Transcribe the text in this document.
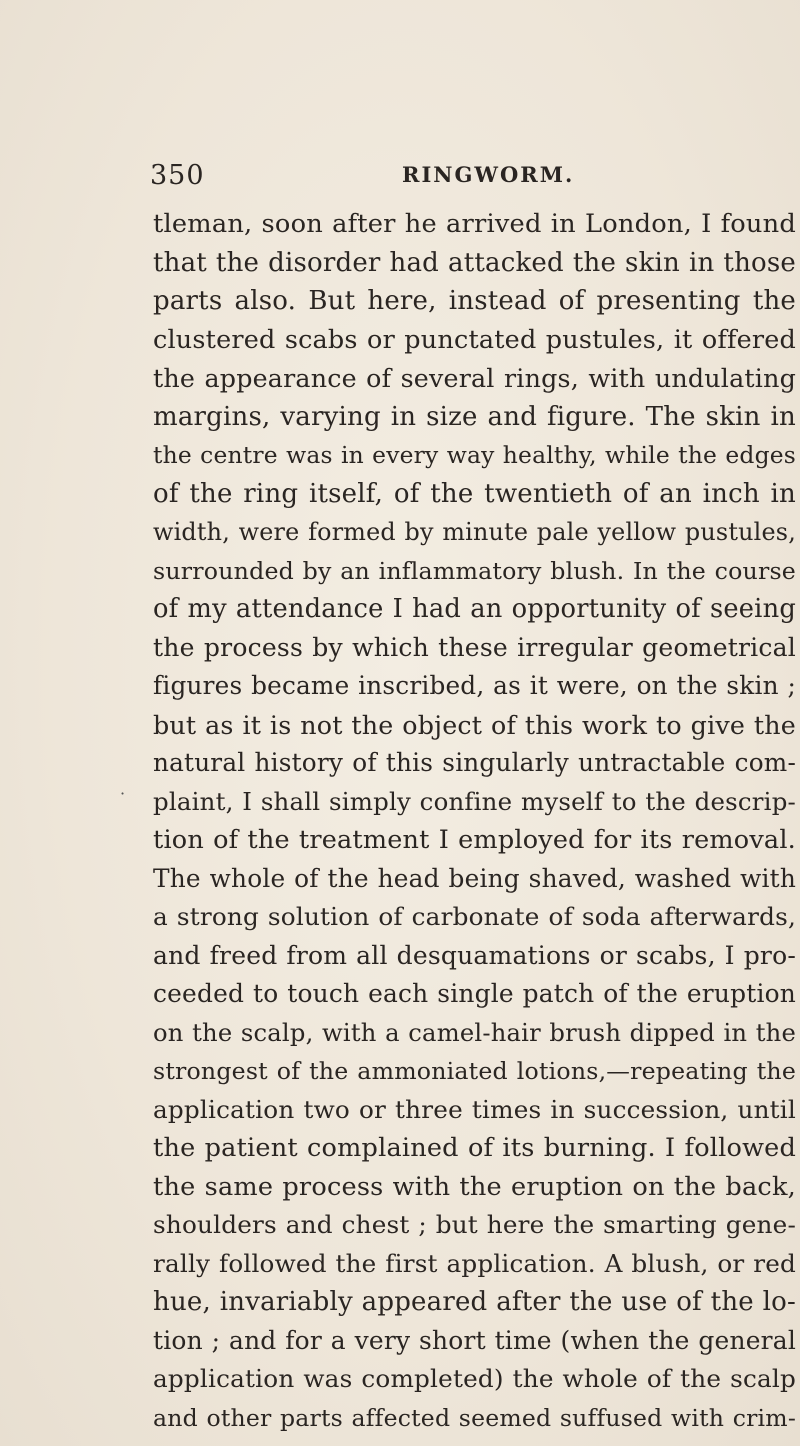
350	RINGWORM.
·
tleman, soon after he arrived in London, I found
that the disorder had attacked the skin in those
parts also. But here, instead of presenting the
clustered scabs or punctated pustules, it offered
the appearance of several rings, with undulating
margins, varying in size and figure. The skin in
the centre was in every way healthy, while the edges
of the ring itself, of the twentieth of an inch in
width, were formed by minute pale yellow pustules,
surrounded by an inflammatory blush. In the course
of my attendance I had an opportunity of seeing
the process by which these irregular geometrical
figures became inscribed, as it were, on the skin ;
but as it is not the object of this work to give the
natural history of this singularly untractable com-
plaint, I shall simply confine myself to the descrip-
tion of the treatment I employed for its removal.
The whole of the head being shaved, washed with
a strong solution of carbonate of soda afterwards,
and freed from all desquamations or scabs, I pro-
ceeded to touch each single patch of the eruption
on the scalp, with a camel-hair brush dipped in the
strongest of the ammoniated lotions,—repeating the
application two or three times in succession, until
the patient complained of its burning. I followed
the same process with the eruption on the back,
shoulders and chest ; but here the smarting gene-
rally followed the first application. A blush, or red
hue, invariably appeared after the use of the lo-
tion ; and for a very short time (when the general
application was completed) the whole of the scalp
and other parts affected seemed suffused with crim-
